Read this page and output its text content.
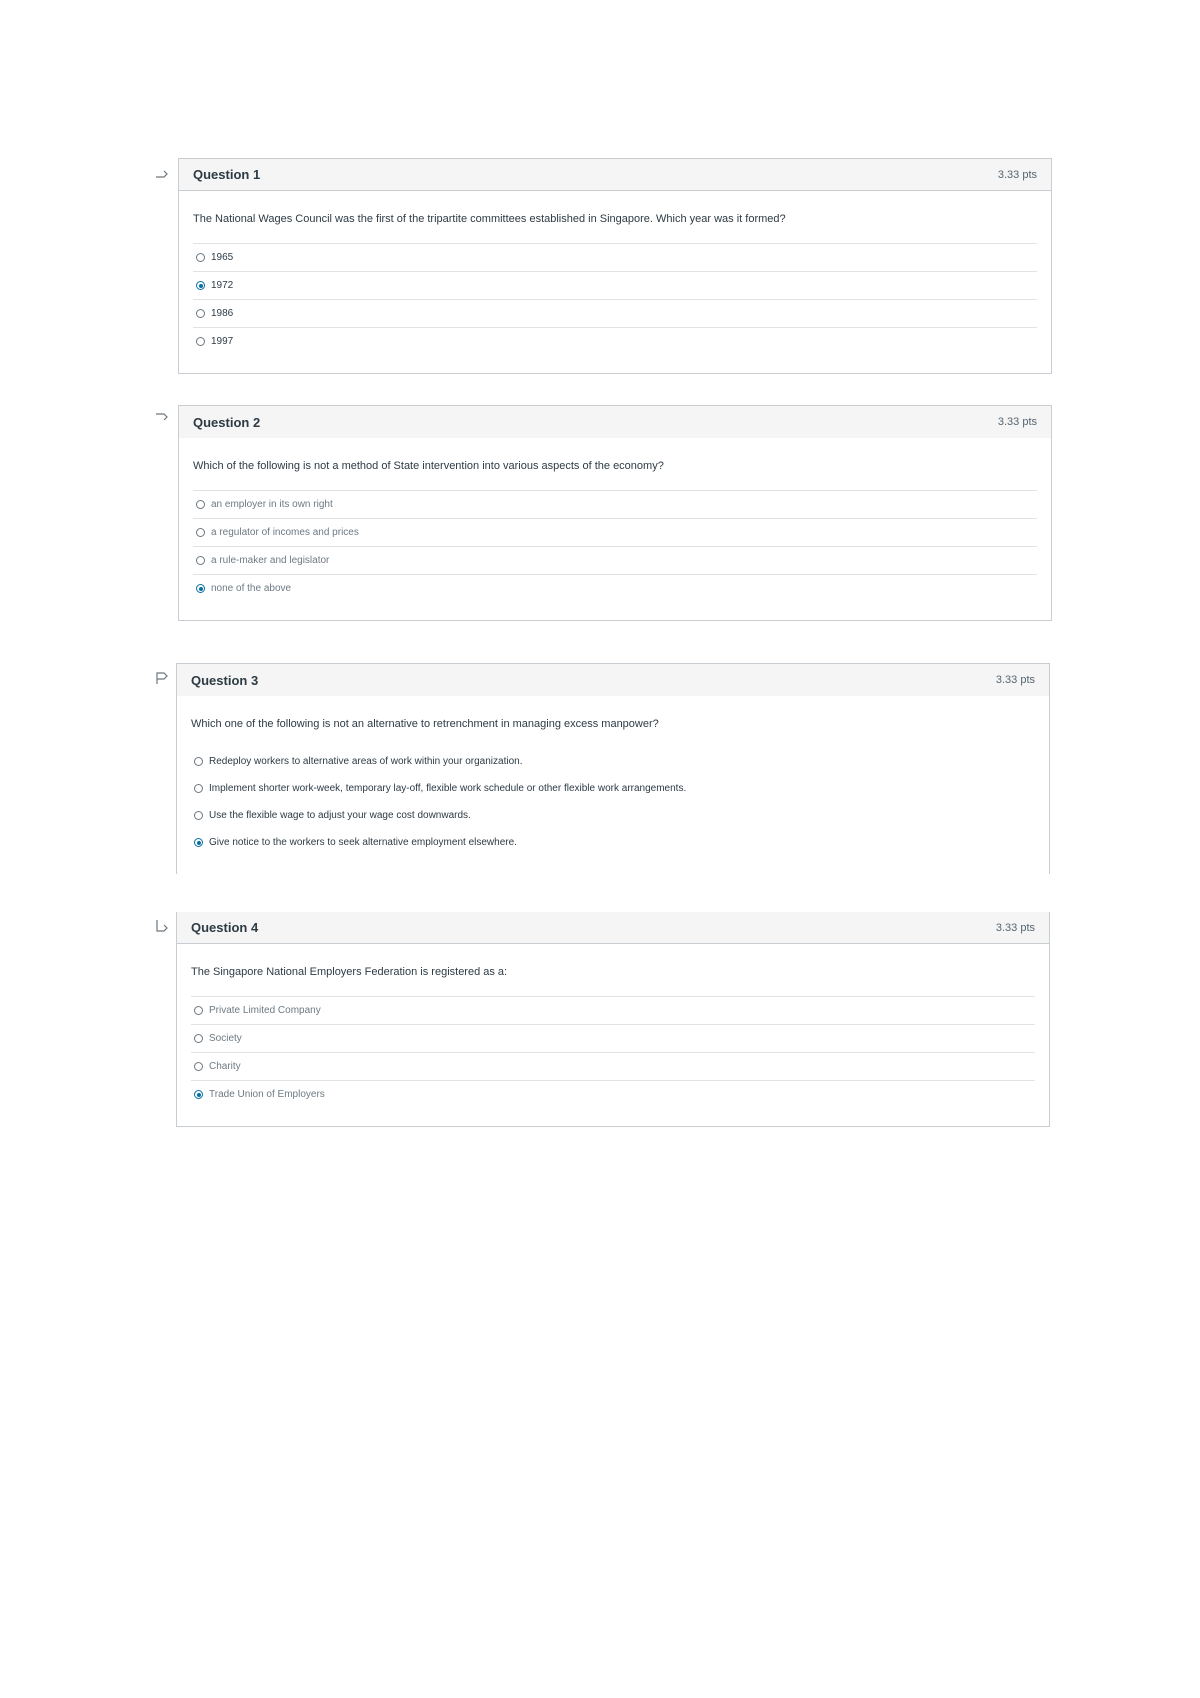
Question 1	3.33 pts
The National Wages Council was the first of the tripartite committees established in Singapore. Which year was it formed?
1965
1972
1986
1997
Question 2	3.33 pts
Which of the following is not a method of State intervention into various aspects of the economy?
an employer in its own right
a regulator of incomes and prices
a rule-maker and legislator
none of the above
Question 3	3.33 pts
Which one of the following is not an alternative to retrenchment in managing excess manpower?
Redeploy workers to alternative areas of work within your organization.
Implement shorter work-week, temporary lay-off, flexible work schedule or other flexible work arrangements.
Use the flexible wage to adjust your wage cost downwards.
Give notice to the workers to seek alternative employment elsewhere.
Question 4	3.33 pts
The Singapore National Employers Federation is registered as a:
Private Limited Company
Society
Charity
Trade Union of Employers
